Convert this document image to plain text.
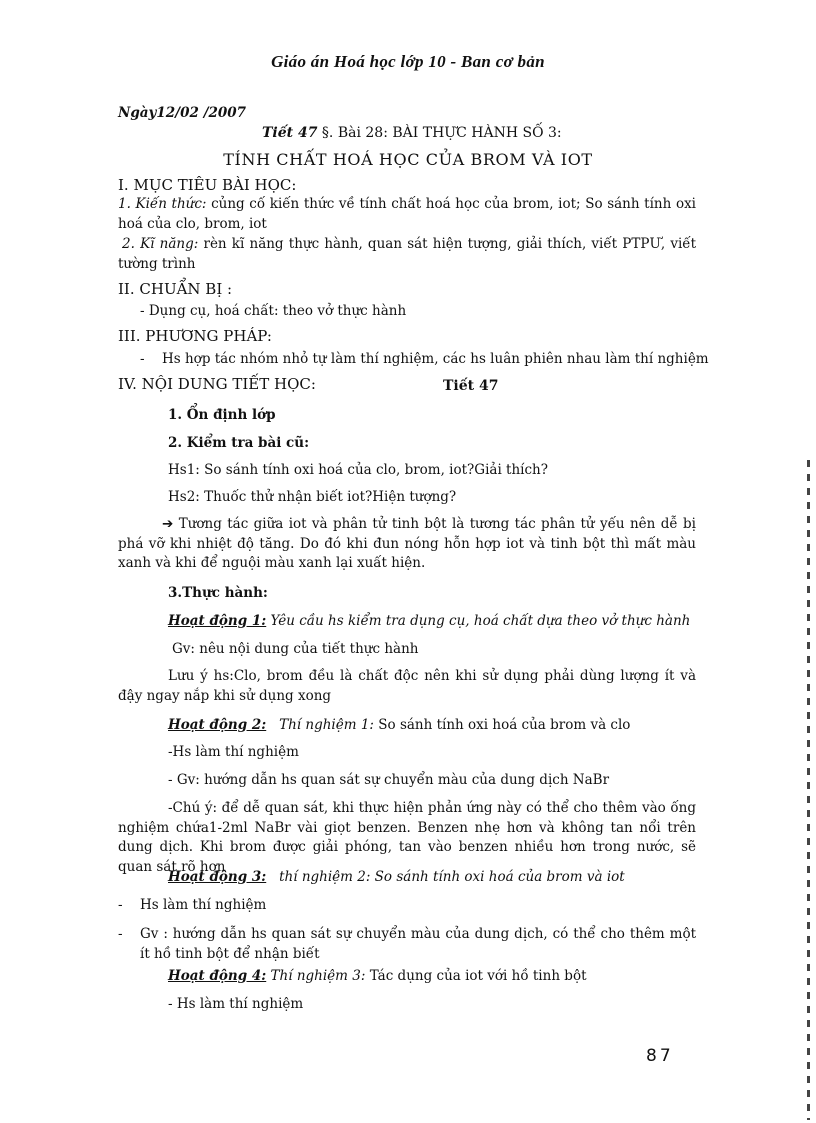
Giáo án Hoá học lớp 10 - Ban cơ bản
Ngày12/02 /2007
Tiết 47 §. Bài 28: BÀI THỰC HÀNH SỐ 3:
TÍNH CHẤT HOÁ HỌC CỦA BROM VÀ IOT
I. MỤC TIÊU BÀI HỌC:
1. Kiến thức: củng cố kiến thức về tính chất hoá học của brom, iot; So sánh tính oxi hoá của clo, brom, iot
2. Kĩ năng: rèn kĩ năng thực hành, quan sát hiện tượng, giải thích, viết PTPƯ, viết tường trình
II. CHUẨN BỊ :
- Dụng cụ, hoá chất: theo vở thực hành
III. PHƯƠNG PHÁP:
- Hs hợp tác nhóm nhỏ tự làm thí nghiệm, các hs luân phiên nhau làm thí nghiệm
IV. NỘI DUNG TIẾT HỌC:	Tiết 47
1. Ổn định lớp
2. Kiểm tra bài cũ:
Hs1: So sánh tính oxi hoá của clo, brom, iot?Giải thích?
Hs2: Thuốc thử nhận biết iot?Hiện tượng?
➔ Tương tác giữa iot và phân tử tinh bột là tương tác phân tử yếu nên dễ bị phá vỡ khi nhiệt độ tăng. Do đó khi đun nóng hỗn hợp iot và tinh bột thì mất màu xanh và khi để nguội màu xanh lại xuất hiện.
3.Thực hành:
Hoạt động 1: Yêu cầu hs kiểm tra dụng cụ, hoá chất dựa theo vở thực hành
Gv: nêu nội dung của tiết thực hành
Lưu ý hs:Clo, brom đều là chất độc nên khi sử dụng phải dùng lượng ít và đậy ngay nắp khi sử dụng xong
Hoạt động 2: Thí nghiệm 1: So sánh tính oxi hoá của brom và clo
-Hs làm thí nghiệm
- Gv: hướng dẫn hs quan sát sự chuyển màu của dung dịch NaBr
-Chú ý: để dễ quan sát, khi thực hiện phản ứng này có thể cho thêm vào ống nghiệm chứa1-2ml NaBr vài giọt benzen. Benzen nhẹ hơn và không tan nổi trên dung dịch. Khi brom được giải phóng, tan vào benzen nhiều hơn trong nước, sẽ quan sát rõ hơn
Hoạt động 3: thí nghiệm 2: So sánh tính oxi hoá của brom và iot
- Hs làm thí nghiệm
-	Gv : hướng dẫn hs quan sát sự chuyển màu của dung dịch, có thể cho thêm một ít hồ tinh bột để nhận biết
Hoạt động 4: Thí nghiệm 3: Tác dụng của iot với hồ tinh bột
- Hs làm thí nghiệm
87
